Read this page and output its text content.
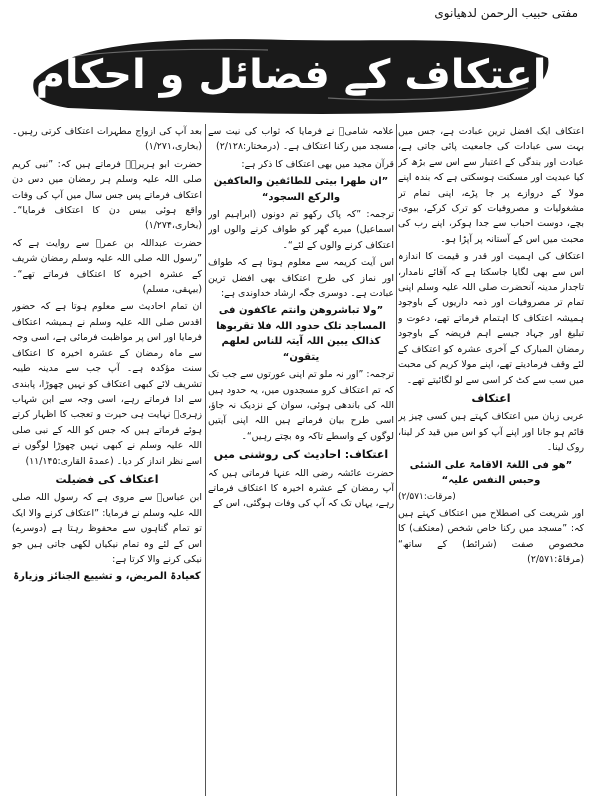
مفتی حبیب الرحمن لدھیانوی
اعتکاف کے فضائل و احکام
اعتکاف ایک افضل ترین عبادت ہے، جس میں بہت سی عبادات کی جامعیت پائی جاتی ہے، عبادت اور بندگی کے اعتبار سے اس سے بڑھ کر کیا عبدیت اور مسکنت ہوسکتی ہے کہ بندہ اپنے مولا کے دروازے پر جا پڑے، اپنی تمام تر مشغولیات و مصروفیات کو ترک کرکے، بیوی، بچے، دوست احباب سے جدا ہوکر، اپنے رب کی محبت میں اس کے آستانہ پر آپڑا ہو۔
اعتکاف کی اہمیت اور قدر و قیمت کا اندازہ اس سے بھی لگایا جاسکتا ہے کہ آقائے نامدار، تاجدار مدینہ آنحضرت صلی اللہ علیہ وسلم اپنی تمام تر مصروفیات اور ذمہ داریوں کے باوجود ہمیشہ اعتکاف کا اہتمام فرماتے تھے، دعوت و تبلیغ اور جہاد جیسے اہم فریضہ کے باوجود رمضان المبارک کے آخری عشرہ کو اعتکاف کے لئے وقف فرمادیتے تھے، اپنے مولا کریم کی محبت میں سب سے کٹ کر اسی سے لو لگائیتے تھے۔
اعتکاف
عربی زبان میں اعتکاف کہتے ہیں کسی چیز پر قائم ہو جانا اور اپنے آپ کو اس میں قید کر لینا، روک لینا۔
”ھو فی اللغۃ الاقامۃ علی الشئی وحبس النفس علیہ“
(مرقات:۲/۵۷۱)
اور شریعت کی اصطلاح میں اعتکاف کہتے ہیں کہ: ”مسجد میں رکنا خاص شخص (معتکف) کا مخصوص صفت (شرائط) کے ساتھ“ (مرقاۃ:۲/۵۷۱)
علامہ شامیؒ نے فرمایا کہ ثواب کی نیت سے مسجد میں رکنا اعتکاف ہے۔ (درمختار:۲/۱۲۸)
قرآن مجید میں بھی اعتکاف کا ذکر ہے:
”ان طھرا بیتی للطائفین والعاکفین والرکع السجود“
ترجمہ: ”کہ پاک رکھو تم دونوں (ابراہیم اور اسماعیل) میرے گھر کو طواف کرنے والوں اور اعتکاف کرنے والوں کے لئے“۔
اس آیت کریمہ سے معلوم ہوتا ہے کہ طواف اور نماز کی طرح اعتکاف بھی افضل ترین عبادت ہے۔ دوسری جگہ ارشاد خداوندی ہے:
”ولا تباشروھن وانتم عاکفون فی المساجد تلک حدود اللہ فلا تقربوھا کذالک یبین اللہ آیتہ للناس لعلھم یتقون“
ترجمہ: ”اور نہ ملو تم اپنی عورتوں سے جب تک کہ تم اعتکاف کرو مسجدوں میں، یہ حدود ہیں اللہ کی باندھی ہوئی، سوان کے نزدیک نہ جاؤ، اسی طرح بیان فرماتے ہیں اللہ اپنی آیتیں لوگوں کے واسطے تاکہ وہ بچتے رہیں“۔
اعتکاف: احادیث کی روشنی میں
حضرت عائشہ رضی اللہ عنہا فرماتی ہیں کہ آپ رمضان کے عشرہ اخیرہ کا اعتکاف فرماتے رہے، یہاں تک کہ آپ کی وفات ہوگئی، اس کے
بعد آپ کی ازواج مطہرات اعتکاف کرتی رہیں۔ (بخاری،۱/۲۷۱)
حضرت ابو ہریرہؓ فرماتے ہیں کہ: ”نبی کریم صلی اللہ علیہ وسلم ہر رمضان میں دس دن اعتکاف فرماتے پس جس سال میں آپ کی وفات واقع ہوئی بیس دن کا اعتکاف فرمایا“۔ (بخاری،۱/۲۷۴)
حضرت عبداللہ بن عمرؓ سے روایت ہے کہ ”رسول اللہ صلی اللہ علیہ وسلم رمضان شریف کے عشرہ اخیرہ کا اعتکاف فرماتے تھے“۔ (بیہقی، مسلم)
ان تمام احادیث سے معلوم ہوتا ہے کہ حضور اقدس صلی اللہ علیہ وسلم نے ہمیشہ اعتکاف فرمایا اور اس پر مواظبت فرمائی ہے، اسی وجہ سے ماہ رمضان کے عشرہ اخیرہ کا اعتکاف سنت مؤکدہ ہے۔ آپ جب سے مدینہ طیبہ تشریف لائے کبھی اعتکاف کو نہیں چھوڑا، پابندی سے ادا فرماتے رہے، اسی وجہ سے ابن شہاب زہریؒ نہایت ہی حیرت و تعجب کا اظہار کرتے ہوئے فرماتے ہیں کہ جس کو اللہ کے نبی صلی اللہ علیہ وسلم نے کبھی نہیں چھوڑا لوگوں نے اسے نظر انداز کر دیا۔ (عمدۃ القاری:۱۱/۱۴۵)
اعتکاف کی فضیلت
ابن عباسؓ سے مروی ہے کہ رسول اللہ صلی اللہ علیہ وسلم نے فرمایا: ”اعتکاف کرنے والا ایک تو تمام گناہوں سے محفوظ رہتا ہے (دوسرے) اس کے لئے وہ تمام نیکیاں لکھی جاتی ہیں جو نیکی کرنے والا کرتا ہے:
کعیادۃ المریض، و تشییع الجنائز وزیارۃ
